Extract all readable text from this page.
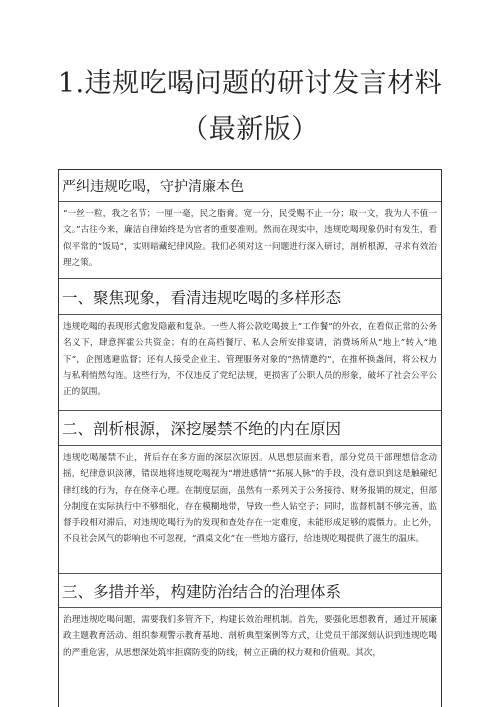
1.违规吃喝问题的研讨发言材料
（最新版）
严纠违规吃喝，守护清廉本色
“一丝一粒，我之名节；一厘一毫，民之脂膏。宽一分，民受赐不止一分；取一文，我为人不值一文。”古往今来，廉洁自律始终是为官者的重要准则。然而在现实中，违规吃喝现象仍时有发生，看似平常的“饭局”，实则暗藏纪律风险。我们必须对这一问题进行深入研讨，剖析根源，寻求有效治理之策。
一、聚焦现象，看清违规吃喝的多样形态
违规吃喝的表现形式愈发隐蔽和复杂。一些人将公款吃喝披上“工作餐”的外衣，在看似正常的公务名义下，肆意挥霍公共资金；有的在高档餐厅、私人会所安排宴请，消费场所从“地上”转入“地下”，企图逃避监督；还有人接受企业主、管理服务对象的“热情邀约”，在推杯换盏间，将公权力与私利悄然勾连。这些行为，不仅违反了党纪法规，更损害了公职人员的形象，破坏了社会公平公正的氛围。
二、剖析根源，深挖屡禁不绝的内在原因
违规吃喝屡禁不止，背后存在多方面的深层次原因。从思想层面来看，部分党员干部理想信念动摇，纪律意识淡薄，错误地将违规吃喝视为“增进感情”“拓展人脉”的手段，没有意识到这是触碰纪律红线的行为，存在侥幸心理。在制度层面，虽然有一系列关于公务接待、财务报销的规定，但部分制度在实际执行中不够细化，存在模糊地带，导致一些人钻空子；同时，监督机制不够完善，监督手段相对滞后，对违规吃喝行为的发现和查处存在一定难度，未能形成足够的震慑力。止匕外，不良社会风气的影响也不可忽视，“酒桌文化”在一些地方盛行，给违规吃喝提供了滋生的温床。
三、多措并举，构建防治结合的治理体系
治理违规吃喝问题，需要我们多管齐下，构建长效治理机制。首先，要强化思想教育，通过开展廉政主题教育活动、组织参观警示教育基地、剖析典型案例等方式，让党员干部深刻认识到违规吃喝的严重危害，从思想深处筑牢拒腐防变的防线，树立正确的权力观和价值观。其次，
